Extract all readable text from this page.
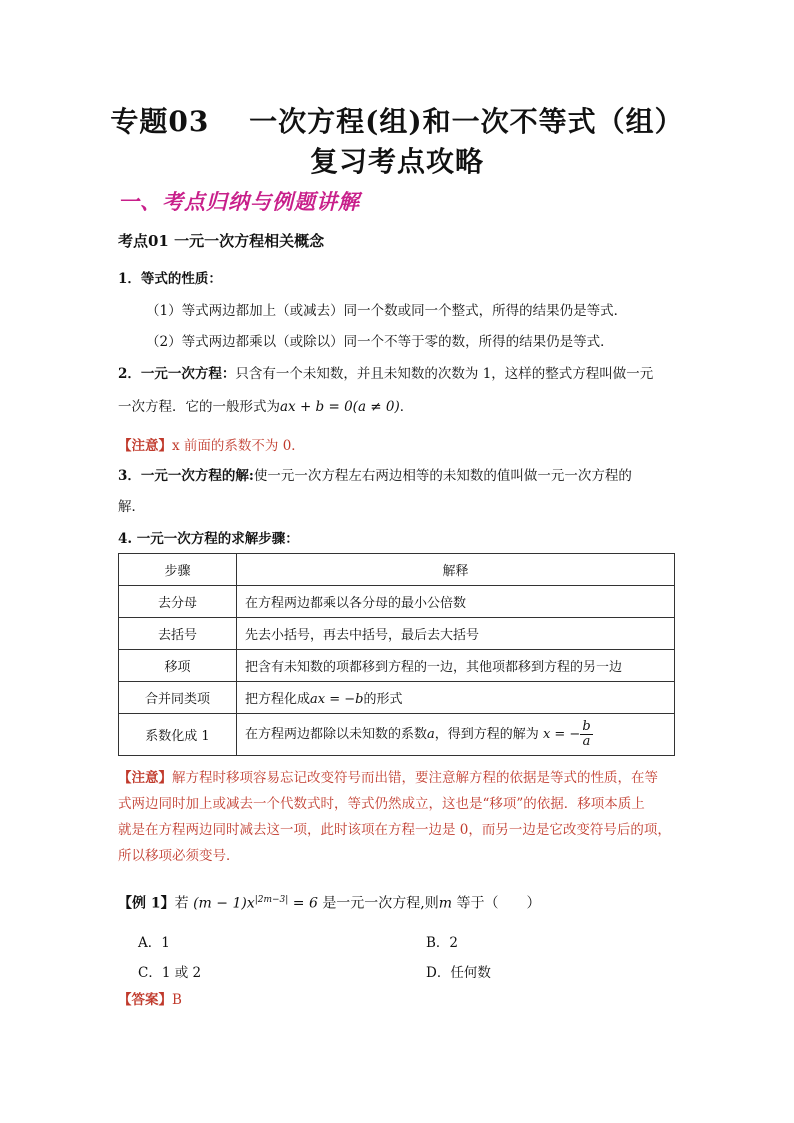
专题03　 一次方程(组)和一次不等式（组）
复习考点攻略
一、考点归纳与例题讲解
考点01 一元一次方程相关概念
1．等式的性质：
（1）等式两边都加上（或减去）同一个数或同一个整式，所得的结果仍是等式．
（2）等式两边都乘以（或除以）同一个不等于零的数，所得的结果仍是等式．
2．一元一次方程：只含有一个未知数，并且未知数的次数为 1，这样的整式方程叫做一元
一次方程．它的一般形式为ax + b = 0(a ≠ 0)．
【注意】x 前面的系数不为 0．
3．一元一次方程的解:使一元一次方程左右两边相等的未知数的值叫做一元一次方程的
解．
4. 一元一次方程的求解步骤：
步骤	解释
去分母	在方程两边都乘以各分母的最小公倍数
去括号	先去小括号，再去中括号，最后去大括号
移项	把含有未知数的项都移到方程的一边，其他项都移到方程的另一边
合并同类项	把方程化成ax = −b的形式
系数化成 1	在方程两边都除以未知数的系数a，得到方程的解为 x = − $\frac{b}{a}$
【注意】解方程时移项容易忘记改变符号而出错，要注意解方程的依据是等式的性质，在等
式两边同时加上或减去一个代数式时，等式仍然成立，这也是“移项”的依据．移项本质上
就是在方程两边同时减去这一项，此时该项在方程一边是 0，而另一边是它改变符号后的项，
所以移项必须变号．
【例 1】若 $(m - 1)x^{|2m-3|} = 6$ 是一元一次方程,则m 等于（　　）
A．1	B．2
C．1 或 2	D．任何数
【答案】B
